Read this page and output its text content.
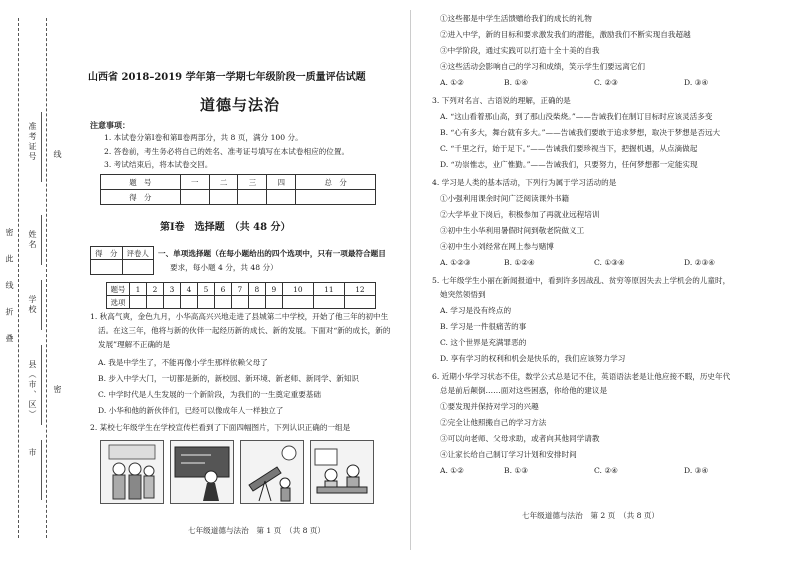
密 此 线 折 叠
准考证号 线
姓名
学校
县（市、区） 密
市
山西省 2018–2019 学年第一学期七年级阶段一质量评估试题
道德与法治
注意事项：
1. 本试卷分第Ⅰ卷和第Ⅱ卷两部分，共 8 页，满分 100 分。
2. 答卷前，考生务必将自己的姓名、准考证号填写在本试卷相应的位置。
3. 考试结束后，将本试卷交回。
题　号	一	二	三	四	总　分
得　分					
第Ⅰ卷　选择题　（共 48 分）
得　分	评卷人
	一、单项选择题（在每小题给出的四个选项中，只有一项最符合题目
要求，每小题 4 分，共 48 分）
题号	1	2	3	4	5	6	7	8	9	10	11	12
选项												
1. 秋高气爽，金色九月，小华高高兴兴地走进了县城第二中学校，开始了他三年的初中生
活。在这三年，他将与新的伙伴一起经历新的成长、新的发展。下面对“新的成长，新的
发展”理解不正确的是
A. 我是中学生了，不能再像小学生那样依赖父母了
B. 步入中学大门，一切都是新的，新校园、新环境、新老师、新同学、新知识
C. 中学时代是人生发展的一个新阶段，为我们的一生奠定重要基础
D. 小华和他的新伙伴们，已经可以像成年人一样独立了
2. 某校七年级学生在学校宣传栏看到了下面四幅图片，下列认识正确的一组是
七年级道德与法治　第 1 页　（共 8 页）
①这些都是中学生活馈赠给我们的成长的礼物
②进入中学，新的目标和要求激发我们的潜能，激励我们不断实现自我超越
③中学阶段，通过实践可以打造十全十美的自我
④这些活动会影响自己的学习和成绩，笑示学生们要远离它们
A. ①②	B. ①④	C. ②③	D. ③④
3. 下列对名言、古语说的理解，正确的是
A. “这山看着那山高，到了那山没柴烧。”——告诫我们在制订目标时应该灵活多变
B. “心有多大，舞台就有多大。”——告诫我们要敢于追求梦想，取决于梦想是否远大
C. “千里之行，始于足下。”——告诫我们要珍视当下，把握机遇，从点滴做起
D. “功崇惟志，业广惟勤。”——告诫我们，只要努力，任何梦想都一定能实现
4. 学习是人类的基本活动，下列行为属于学习活动的是
①小强利用课余时间广泛阅读课外书籍
②大学毕业下岗后，积极参加了再就业远程培训
③初中生小华利用暑假时间到敬老院做义工
④初中生小刘经常在网上参与赌博
A. ①②③	B. ①②④	C. ①③④	D. ②③④
5. 七年级学生小丽在新闻报道中，看到许多因战乱、贫穷等原因失去上学机会的儿童时，
她突然领悟到
A. 学习是没有终点的
B. 学习是一件很痛苦的事
C. 这个世界是充满罪恶的
D. 享有学习的权利和机会是快乐的，我们应该努力学习
6. 近期小华学习状态不佳，数学公式总是记不住，英语语法老是让他应接不暇，历史年代
总是前后颠倒……面对这些困惑，你给他的建议是
①要发现并保持对学习的兴趣
②完全让他照搬自己的学习方法
③可以向老师、父母求助，或者向其他同学请教
④让家长给自己制订学习计划和安排时间
A. ①②	B. ①③	C. ②④	D. ③④
七年级道德与法治　第 2 页　（共 8 页）
